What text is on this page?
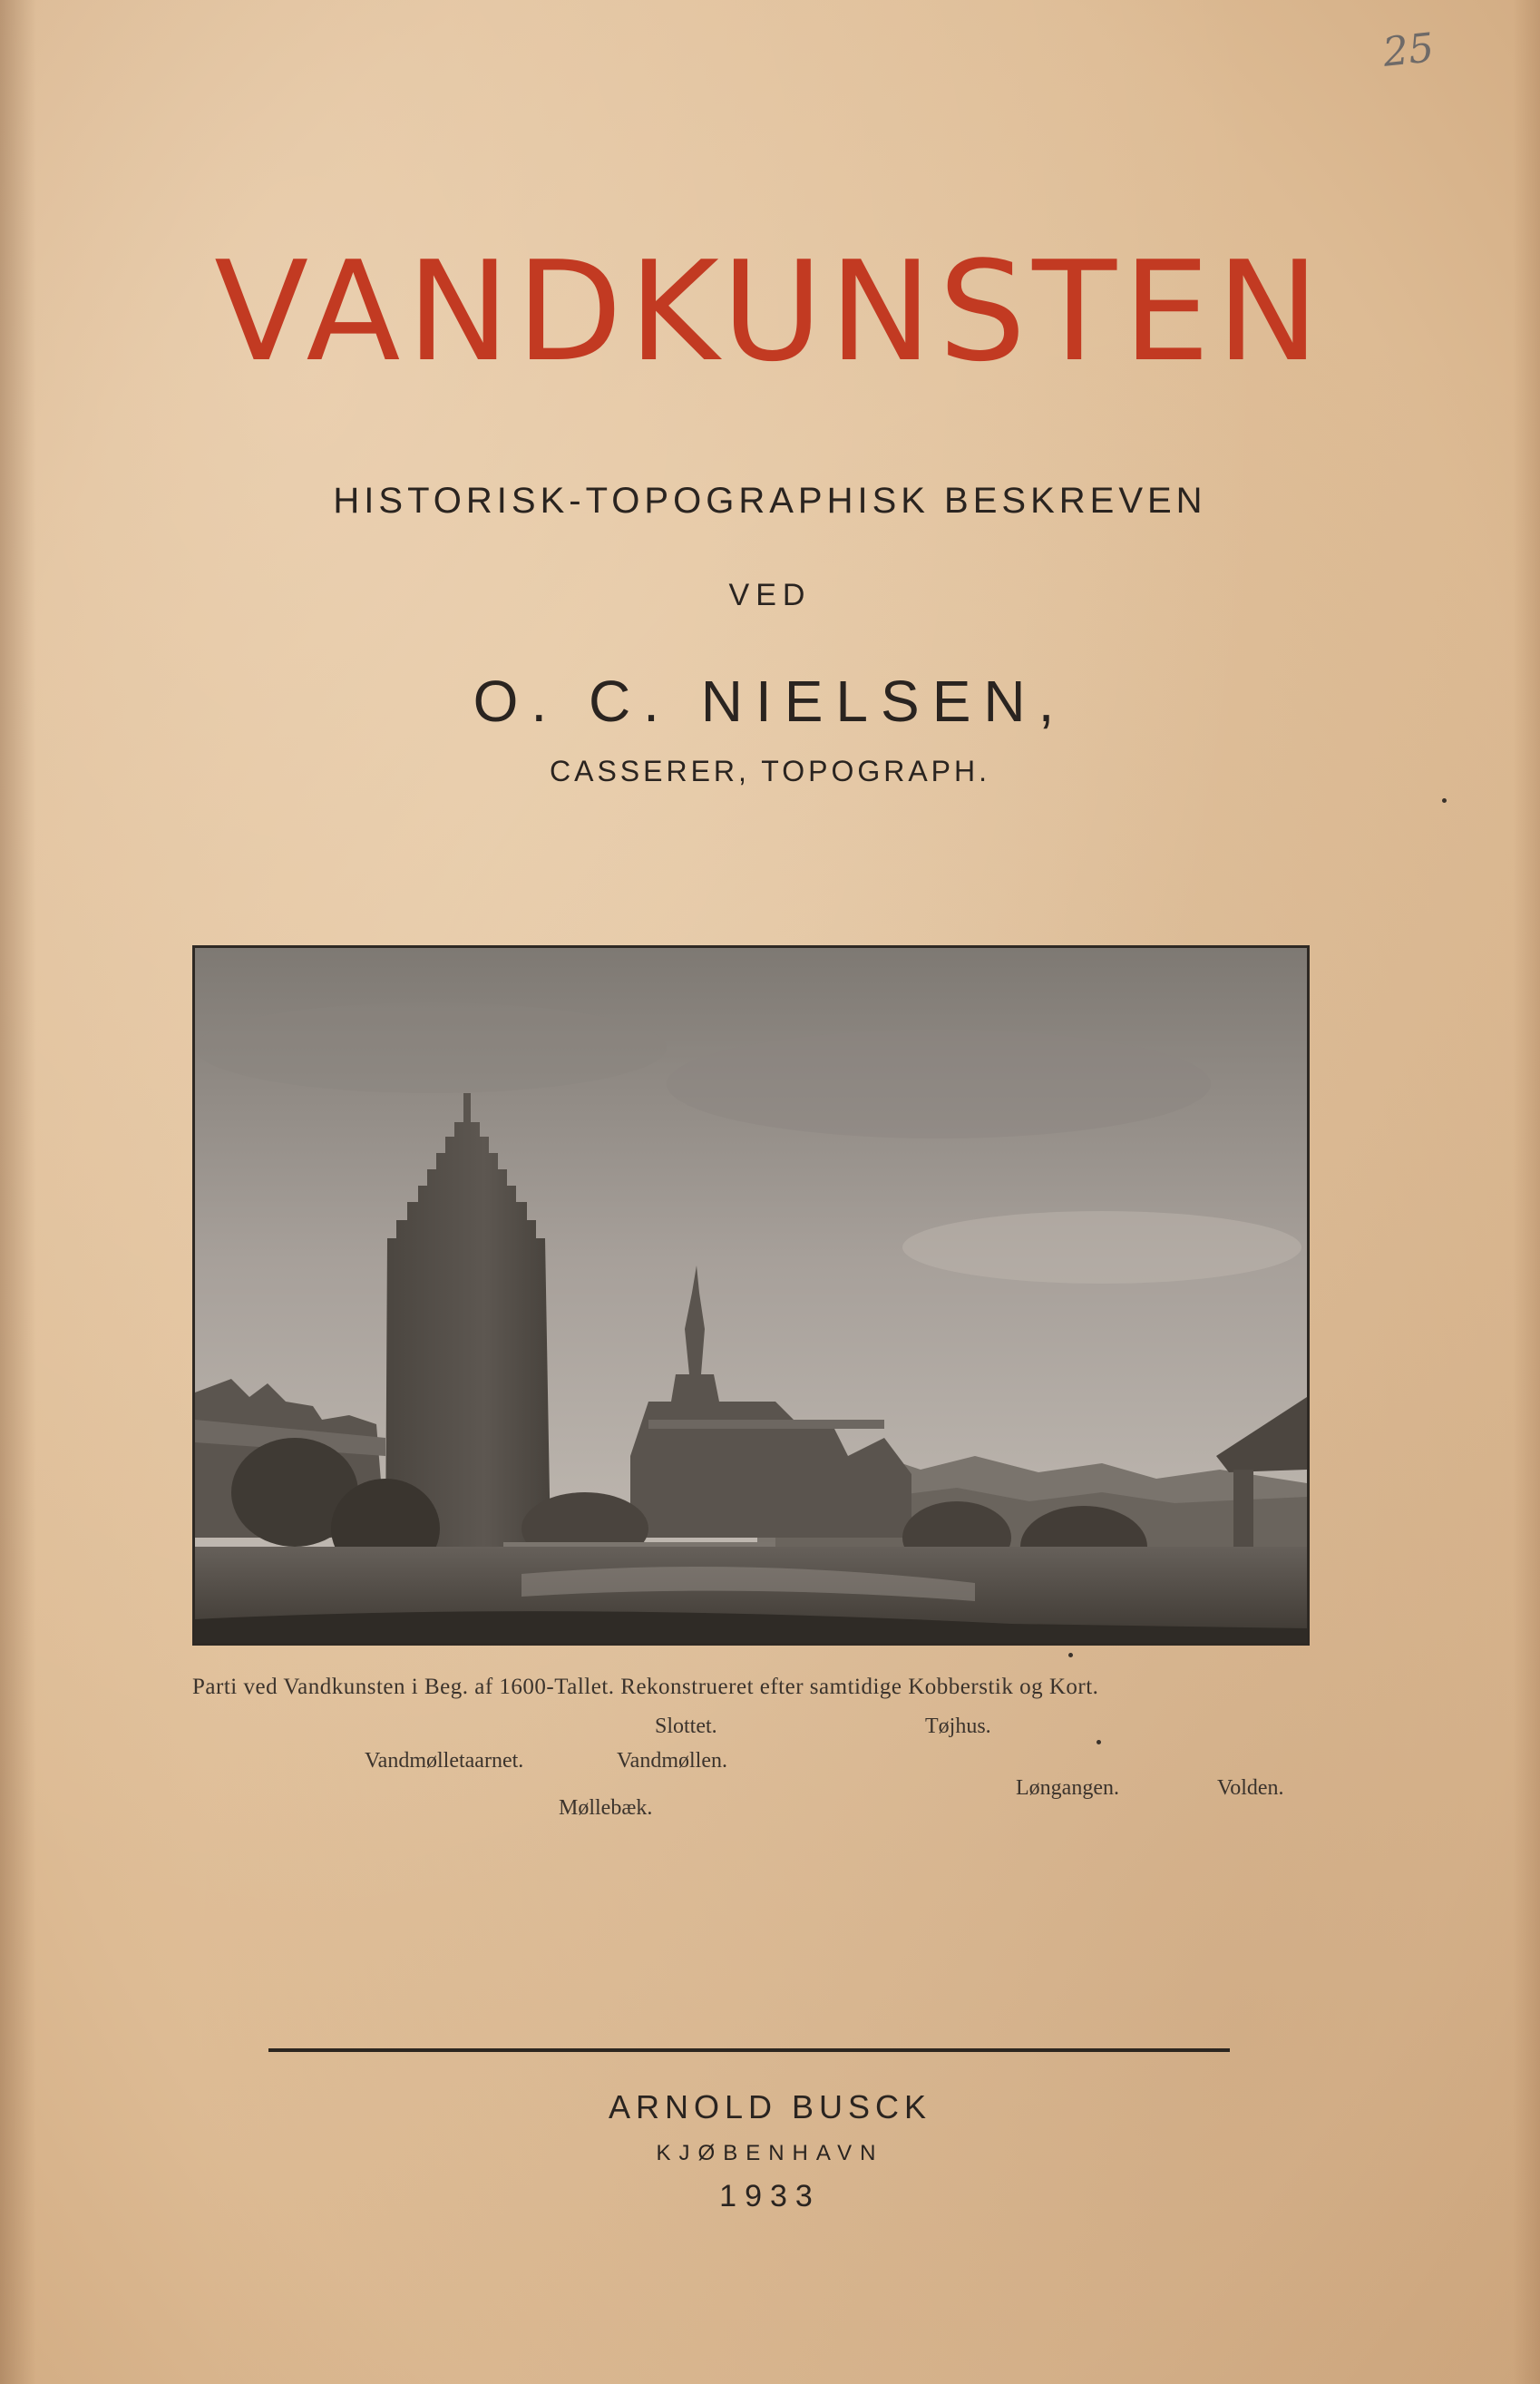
25
VANDKUNSTEN
HISTORISK-TOPOGRAPHISK BESKREVEN
VED
O. C. NIELSEN,
CASSERER, TOPOGRAPH.
Parti ved Vandkunsten i Beg. af 1600-Tallet. Rekonstrueret efter samtidige Kobberstik og Kort.
Slottet.	Tøjhus.
Vandmølletaarnet.	Vandmøllen.
Løngangen.	Volden.
Møllebæk.
ARNOLD BUSCK
KJØBENHAVN
1933
